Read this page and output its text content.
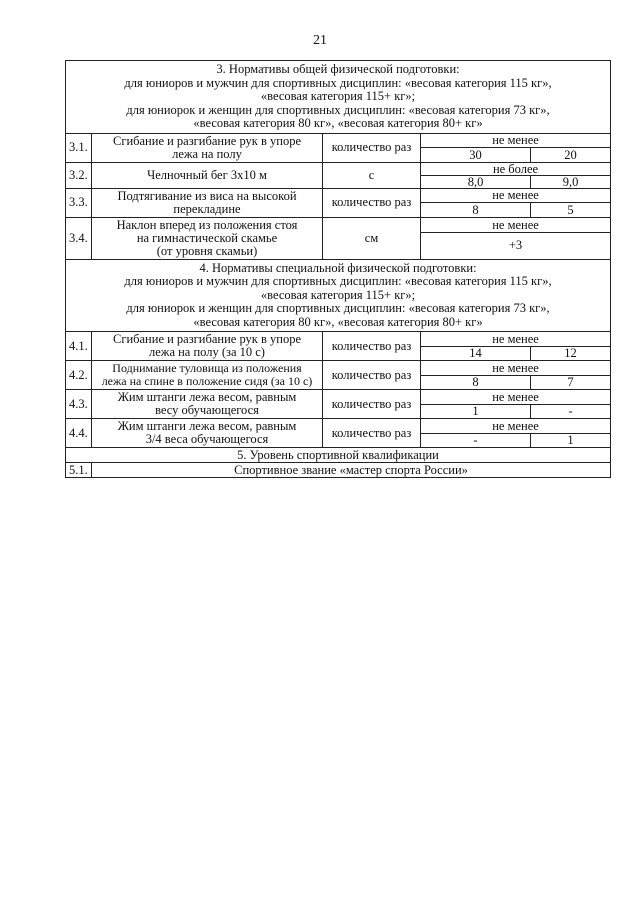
21
3. Нормативы общей физической подготовки:
для юниоров и мужчин для спортивных дисциплин: «весовая категория 115 кг»,
«весовая категория 115+ кг»;
для юниорок и женщин для спортивных дисциплин: «весовая категория 73 кг»,
«весовая категория 80 кг», «весовая категория 80+ кг»				

3.1.	Сгибание и разгибание рук в упоре
лежа на полу	количество раз	не менее	
			30	20
3.2.	Челночный бег 3х10 м	с	не более	
			8,0	9,0
3.3.	Подтягивание из виса на высокой
перекладине	количество раз	не менее	
			8	5
3.4.	Наклон вперед из положения стоя
на гимнастической скамье
(от уровня скамьи)	см	не менее	
			+3	

4. Нормативы специальной физической подготовки:
для юниоров и мужчин для спортивных дисциплин: «весовая категория 115 кг»,
«весовая категория 115+ кг»;
для юниорок и женщин для спортивных дисциплин: «весовая категория 73 кг»,
«весовая категория 80 кг», «весовая категория 80+ кг»				

4.1.	Сгибание и разгибание рук в упоре
лежа на полу (за 10 с)	количество раз	не менее	
			14	12
4.2.	Поднимание туловища из положения
лежа на спине в положение сидя (за 10 с)	количество раз	не менее	
			8	7
4.3.	Жим штанги лежа весом, равным
весу обучающегося	количество раз	не менее	
			1	-
4.4.	Жим штанги лежа весом, равным
3/4 веса обучающегося	количество раз	не менее	
			-	1
5. Уровень спортивной квалификации				
5.1.	Спортивное звание «мастер спорта России»			
